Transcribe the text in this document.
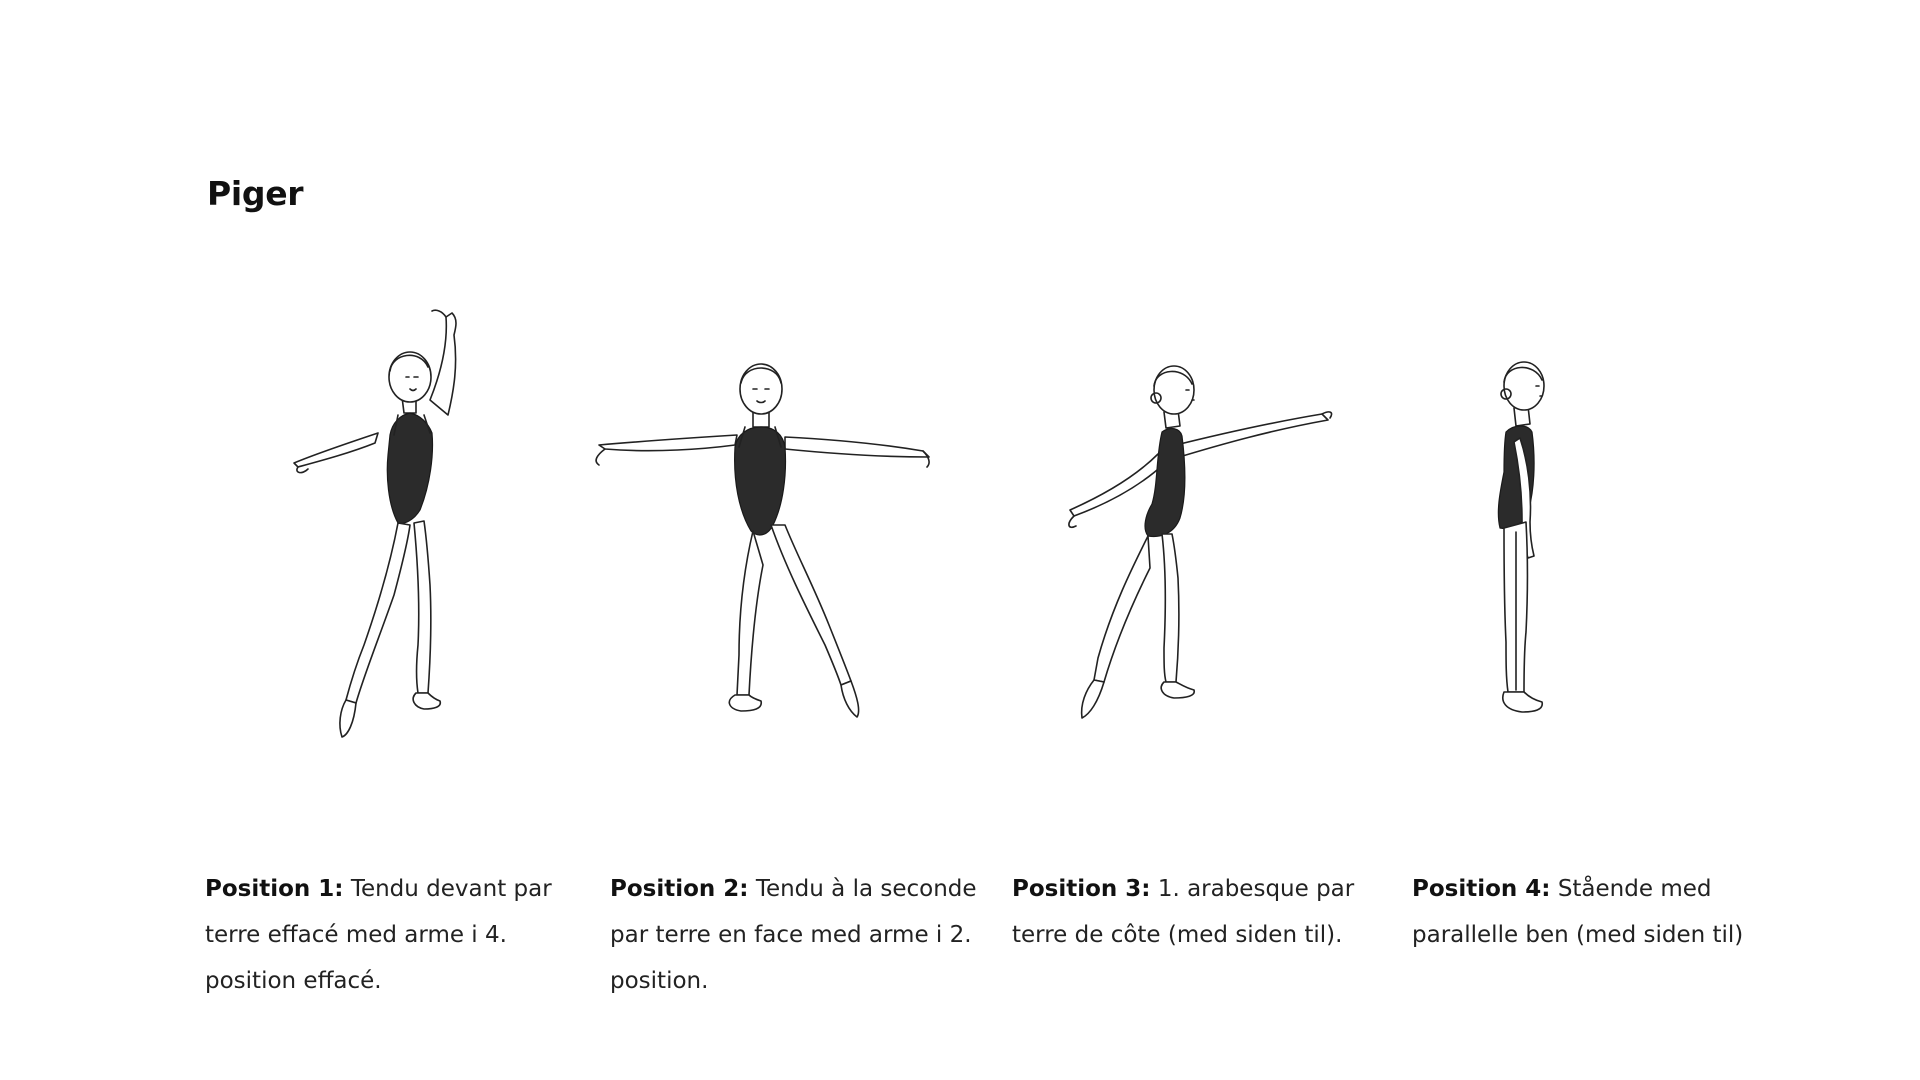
Piger
Position 1: Tendu devant par terre effacé med arme i 4. position effacé.
Position 2: Tendu à la seconde par terre en face med arme i 2. position.
Position 3: 1. arabesque par terre de côte (med siden til).
Position 4: Stående med parallelle ben (med siden til)
